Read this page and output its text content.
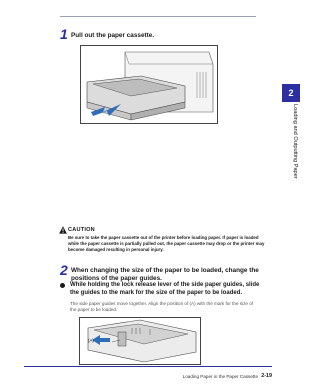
1 Pull out the paper cassette.
CAUTION
Be sure to take the paper cassette out of the printer before loading paper. If paper is loaded while the paper cassette is partially pulled out, the paper cassette may drop or the printer may become damaged resulting in personal injury.
2 When changing the size of the paper to be loaded, change the positions of the paper guides.
While holding the lock release lever of the side paper guides, slide the guides to the mark for the size of the paper to be loaded.
The side paper guides move together. Align the position of (A) with the mark for the size of the paper to be loaded.
(A)
2
Loading and Outputting Paper
Loading Paper in the Paper Cassette 2-19
